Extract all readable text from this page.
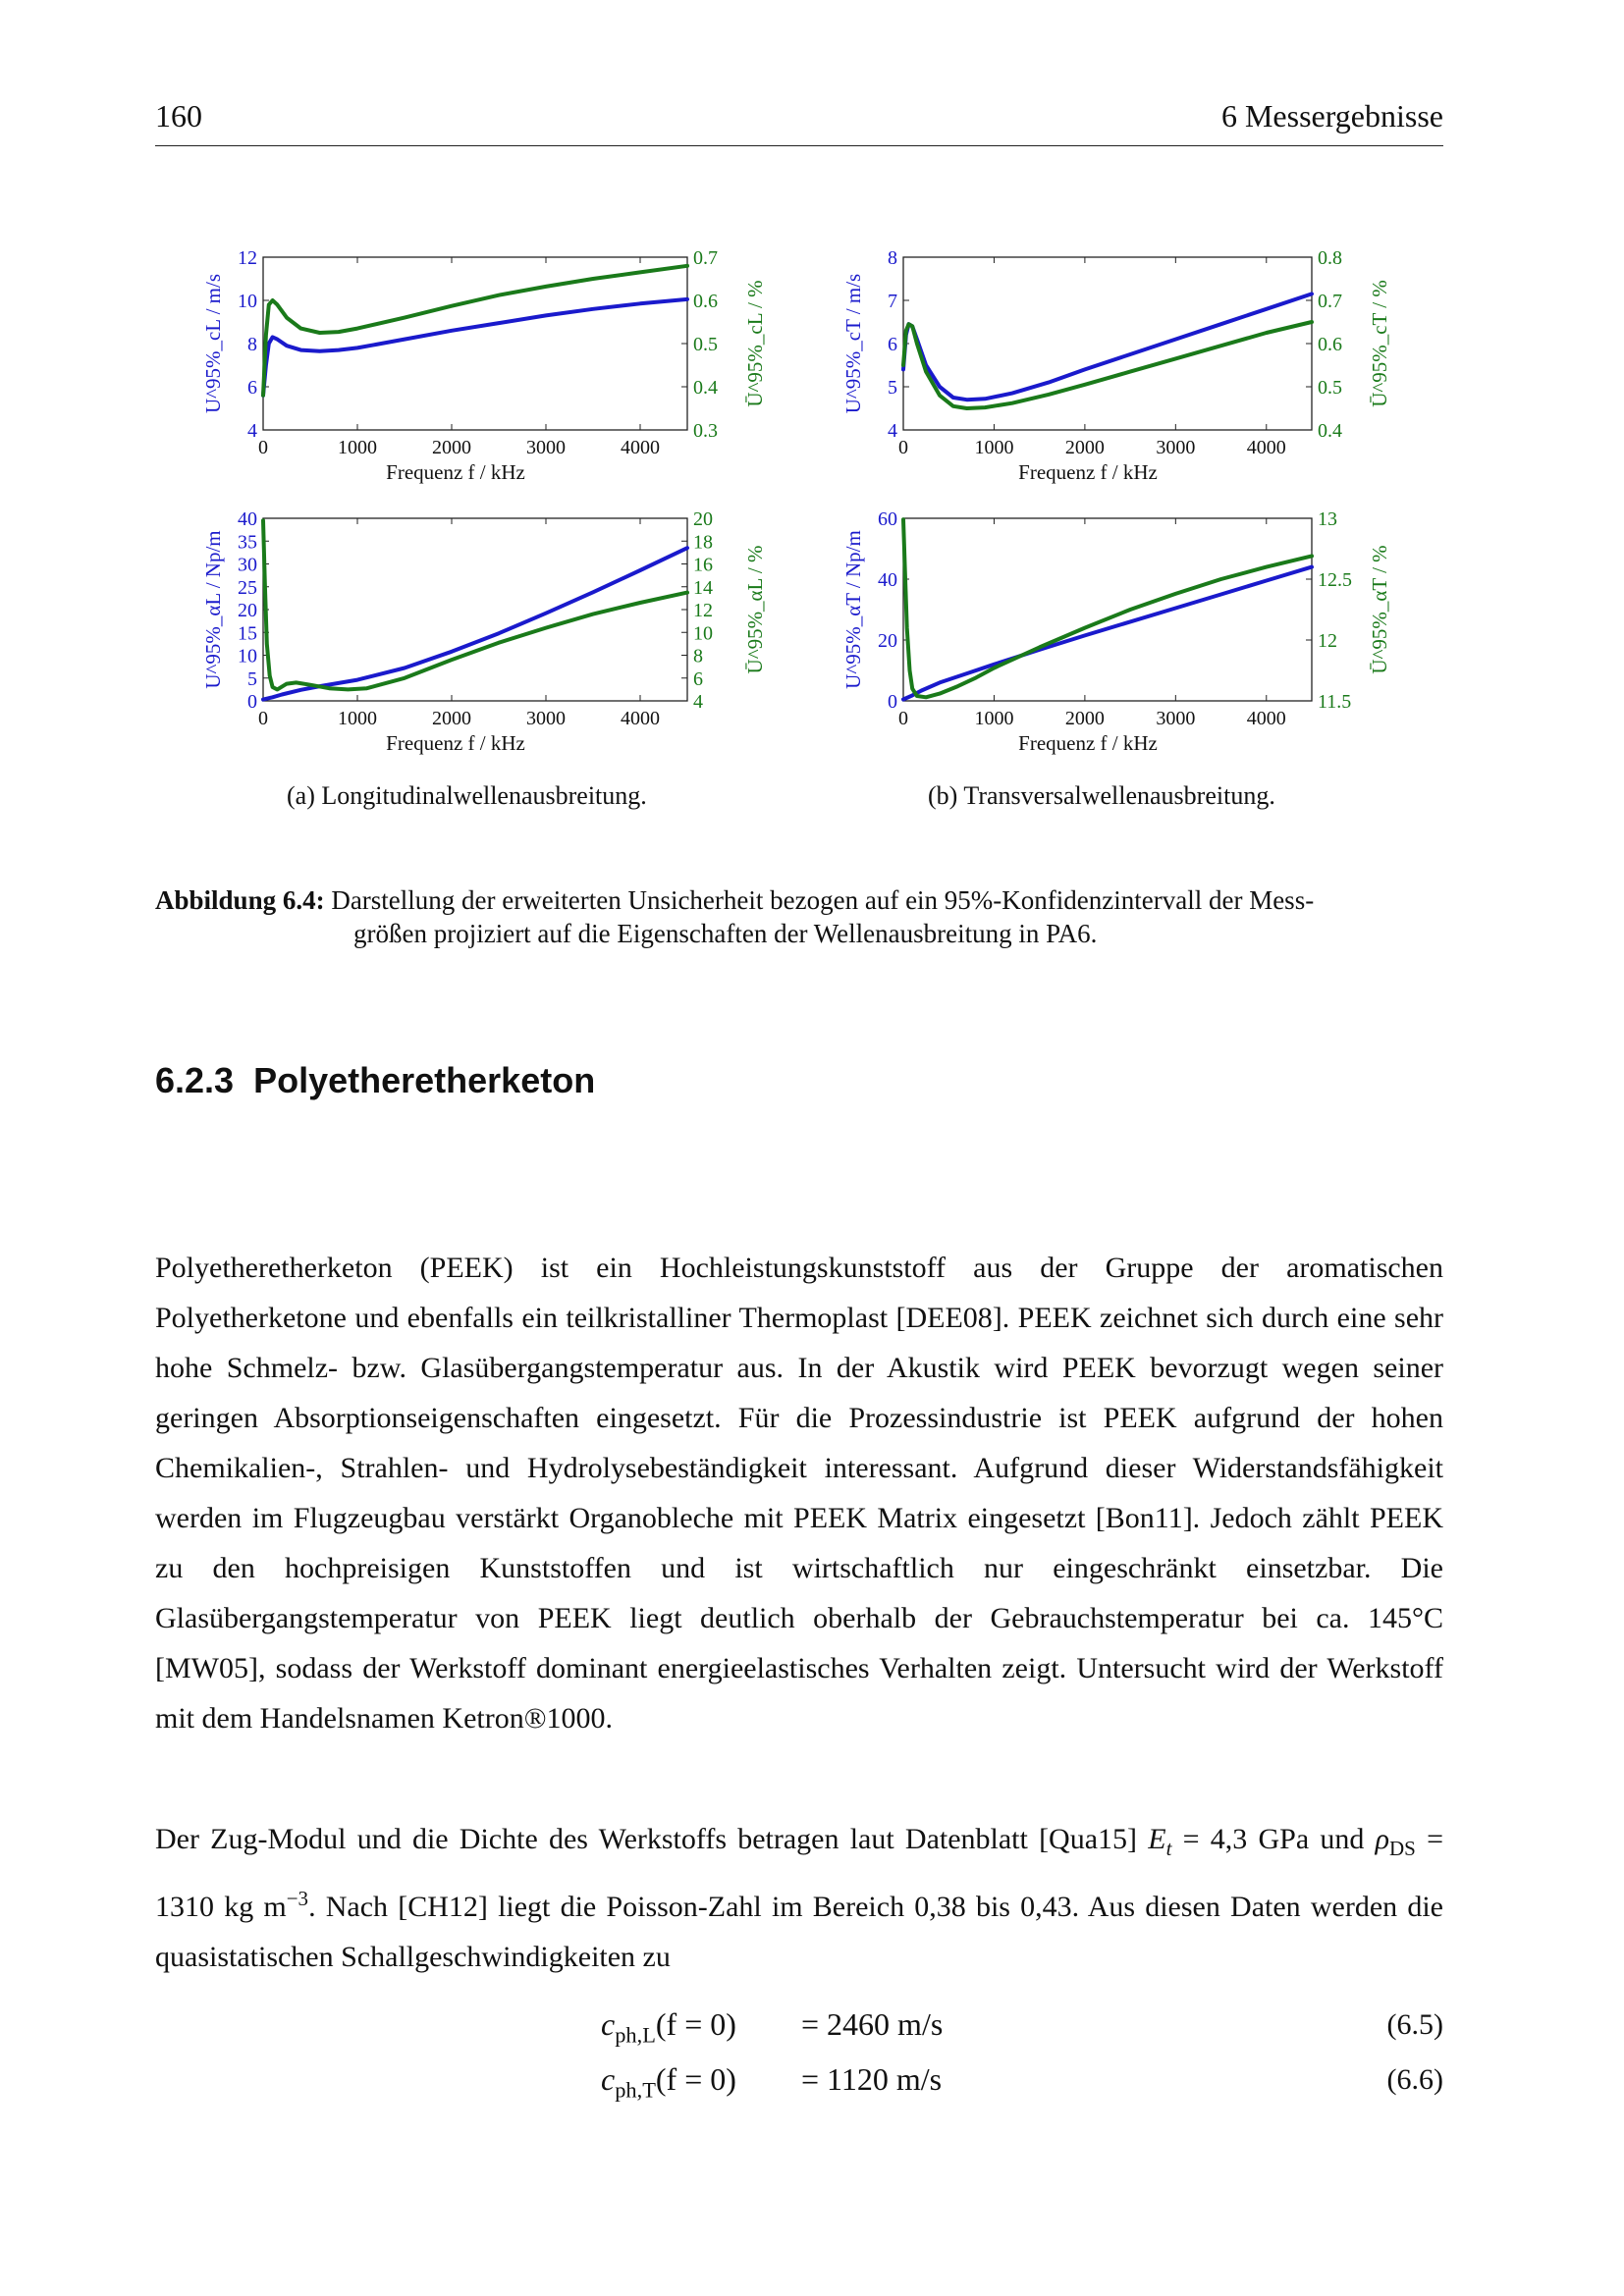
160	6 Messergebnisse
0	1000	2000	3000	4000
4
6
8
10
12
0.3
0.4
0.5
0.6
0.7
Frequenz f / kHz
U^95%_cL / m/s	Ū^95%_cL / %
0	1000	2000	3000	4000
4
5
6
7
8
0.4
0.5
0.6
0.7
0.8
Frequenz f / kHz
U^95%_cT / m/s	Ū^95%_cT / %
0	1000	2000	3000	4000
0
5
10
15
20
25
30
35
40
4
6
8
10
12
14
16
18
20
Frequenz f / kHz
U^95%_αL / Np/m	Ū^95%_αL / %
0	1000	2000	3000	4000
0
20
40
60
11.5
12
12.5
13
Frequenz f / kHz
U^95%_αT / Np/m	Ū^95%_αT / %
(a) Longitudinalwellenausbreitung.	(b) Transversalwellenausbreitung.
Abbildung 6.4: Darstellung der erweiterten Unsicherheit bezogen auf ein 95%-Konfidenzintervall der Mess-
größen projiziert auf die Eigenschaften der Wellenausbreitung in PA6.
6.2.3 Polyetheretherketon
Polyetheretherketon (PEEK) ist ein Hochleistungskunststoff aus der Gruppe der aromatischen Polyetherketone und ebenfalls ein teilkristalliner Thermoplast [DEE08]. PEEK zeichnet sich durch eine sehr hohe Schmelz- bzw. Glasübergangstemperatur aus. In der Akustik wird PEEK bevorzugt wegen seiner geringen Absorptionseigenschaften eingesetzt. Für die Prozessindustrie ist PEEK aufgrund der hohen Chemikalien-, Strahlen- und Hydrolysebeständigkeit interessant. Aufgrund dieser Widerstandsfähigkeit werden im Flugzeugbau verstärkt Organobleche mit PEEK Matrix eingesetzt [Bon11]. Jedoch zählt PEEK zu den hochpreisigen Kunststoffen und ist wirtschaftlich nur eingeschränkt einsetzbar. Die Glasübergangstemperatur von PEEK liegt deutlich oberhalb der Gebrauchstemperatur bei ca. 145°C [MW05], sodass der Werkstoff dominant energieelastisches Verhalten zeigt. Untersucht wird der Werkstoff mit dem Handelsnamen Ketron®1000.
Der Zug-Modul und die Dichte des Werkstoffs betragen laut Datenblatt [Qua15] $E_t = 4,3$ GPa und $\rho_{DS} = 1310$ kg $m^{-3}$. Nach [CH12] liegt die Poisson-Zahl im Bereich 0,38 bis 0,43. Aus diesen Daten werden die quasistatischen Schallgeschwindigkeiten zu
$c_{ph,L}(f = 0) = 2460$ m/s	(6.5)
$c_{ph,T}(f = 0) = 1120$ m/s	(6.6)
